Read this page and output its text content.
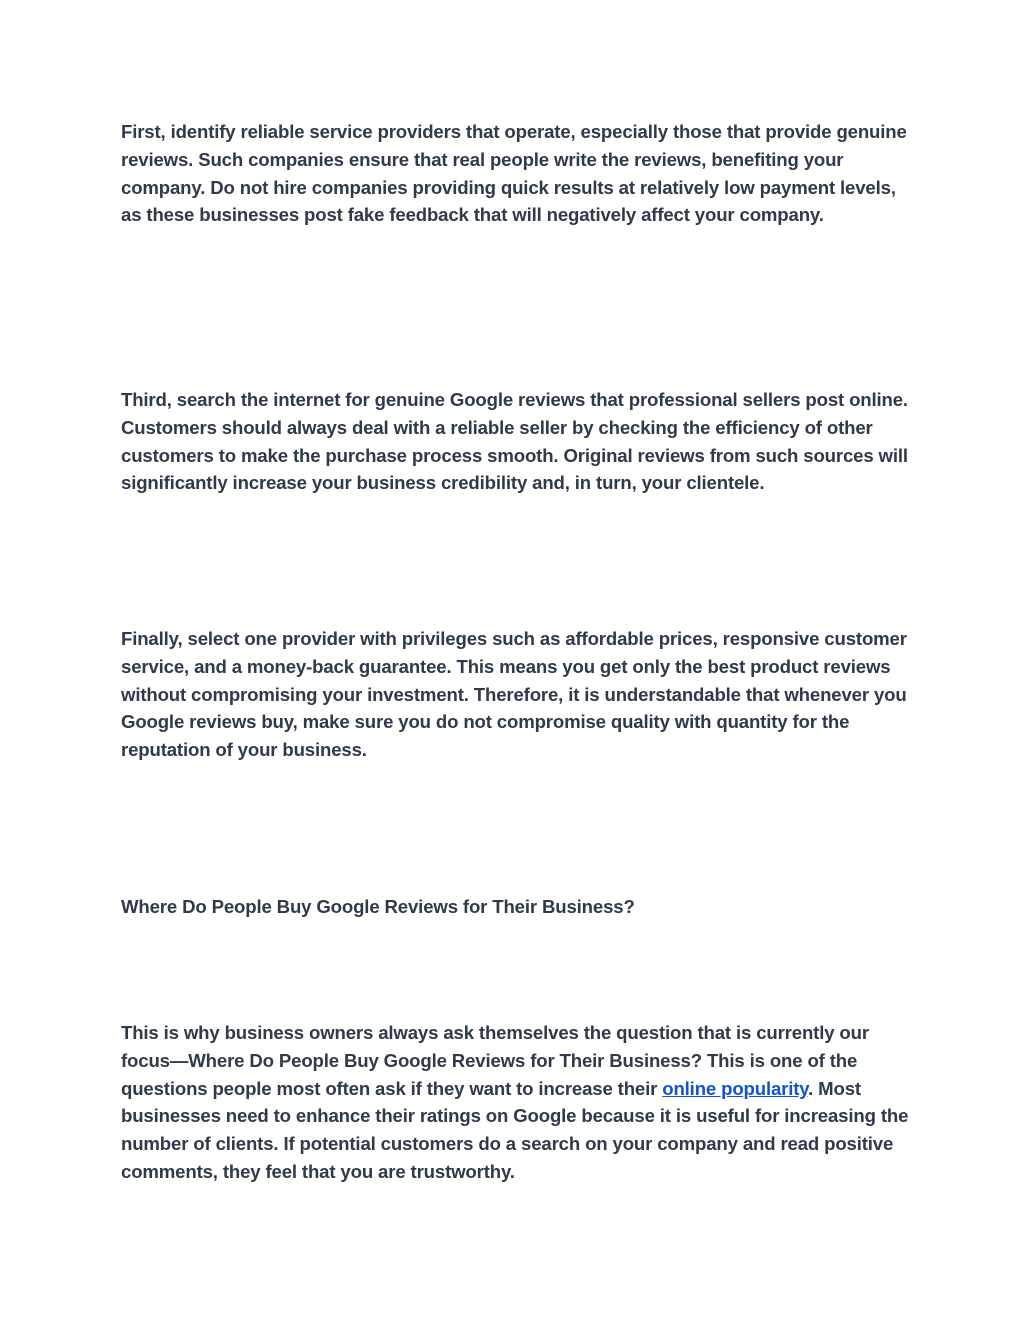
First, identify reliable service providers that operate, especially those that provide genuine reviews. Such companies ensure that real people write the reviews, benefiting your company. Do not hire companies providing quick results at relatively low payment levels, as these businesses post fake feedback that will negatively affect your company.

Third, search the internet for genuine Google reviews that professional sellers post online. Customers should always deal with a reliable seller by checking the efficiency of other customers to make the purchase process smooth. Original reviews from such sources will significantly increase your business credibility and, in turn, your clientele.

Finally, select one provider with privileges such as affordable prices, responsive customer service, and a money-back guarantee. This means you get only the best product reviews without compromising your investment. Therefore, it is understandable that whenever you Google reviews buy, make sure you do not compromise quality with quantity for the reputation of your business.

Where Do People Buy Google Reviews for Their Business?

This is why business owners always ask themselves the question that is currently our focus—Where Do People Buy Google Reviews for Their Business? This is one of the questions people most often ask if they want to increase their online popularity. Most businesses need to enhance their ratings on Google because it is useful for increasing the number of clients. If potential customers do a search on your company and read positive comments, they feel that you are trustworthy.
